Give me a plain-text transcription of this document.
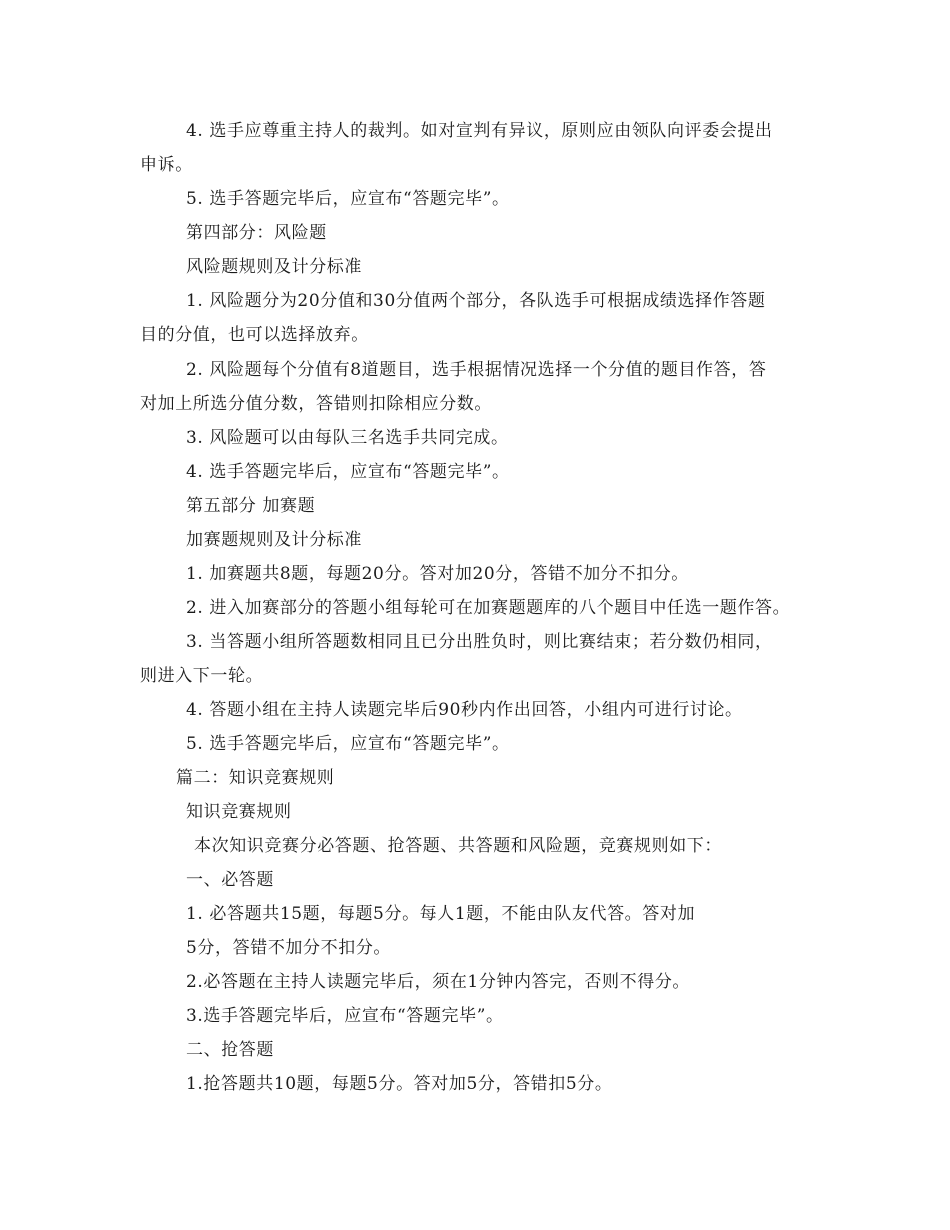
4. 选手应尊重主持人的裁判。如对宣判有异议，原则应由领队向评委会提出
申诉。
5. 选手答题完毕后，应宣布“答题完毕”。
第四部分：风险题
风险题规则及计分标准
1. 风险题分为20分值和30分值两个部分，各队选手可根据成绩选择作答题
目的分值，也可以选择放弃。
2. 风险题每个分值有8道题目，选手根据情况选择一个分值的题目作答，答
对加上所选分值分数，答错则扣除相应分数。
3. 风险题可以由每队三名选手共同完成。
4. 选手答题完毕后，应宣布“答题完毕”。
第五部分 加赛题
加赛题规则及计分标准
1. 加赛题共8题，每题20分。答对加20分，答错不加分不扣分。
2. 进入加赛部分的答题小组每轮可在加赛题题库的八个题目中任选一题作答。
3. 当答题小组所答题数相同且已分出胜负时，则比赛结束；若分数仍相同，
则进入下一轮。
4. 答题小组在主持人读题完毕后90秒内作出回答，小组内可进行讨论。
5. 选手答题完毕后，应宣布“答题完毕”。
篇二：知识竞赛规则
知识竞赛规则
本次知识竞赛分必答题、抢答题、共答题和风险题，竞赛规则如下：
一、必答题
1. 必答题共15题，每题5分。每人1题，不能由队友代答。答对加
5分，答错不加分不扣分。
2.必答题在主持人读题完毕后，须在1分钟内答完，否则不得分。
3.选手答题完毕后，应宣布“答题完毕”。
二、抢答题
1.抢答题共10题，每题5分。答对加5分，答错扣5分。
